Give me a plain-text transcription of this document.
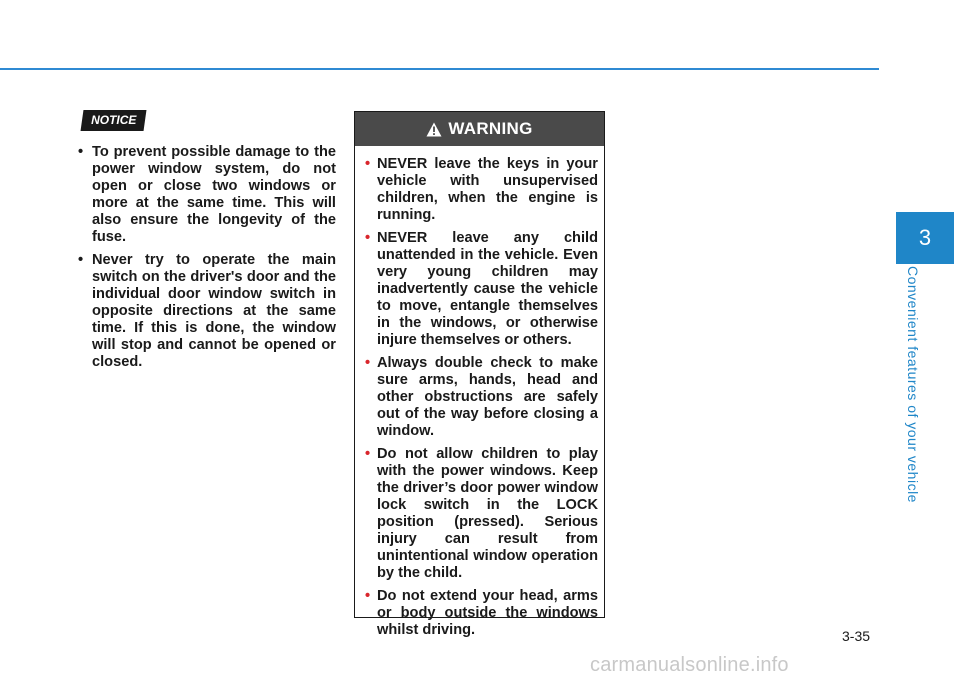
3
Convenient features of your vehicle
NOTICE
• To prevent possible damage to the power window system, do not open or close two windows or more at the same time. This will also ensure the longevity of the fuse.
• Never try to operate the main switch on the driver's door and the individual door window switch in opposite directions at the same time. If this is done, the window will stop and cannot be opened or closed.
WARNING
• NEVER leave the keys in your vehicle with unsupervised children, when the engine is running.
• NEVER leave any child unattended in the vehicle. Even very young children may inadvertently cause the vehicle to move, entangle themselves in the windows, or otherwise injure themselves or others.
• Always double check to make sure arms, hands, head and other obstructions are safely out of the way before closing a window.
• Do not allow children to play with the power windows. Keep the driver’s door power window lock switch in the LOCK position (pressed). Serious injury can result from unintentional window operation by the child.
• Do not extend your head, arms or body outside the windows whilst driving.	3-35
carmanualsonline.info
